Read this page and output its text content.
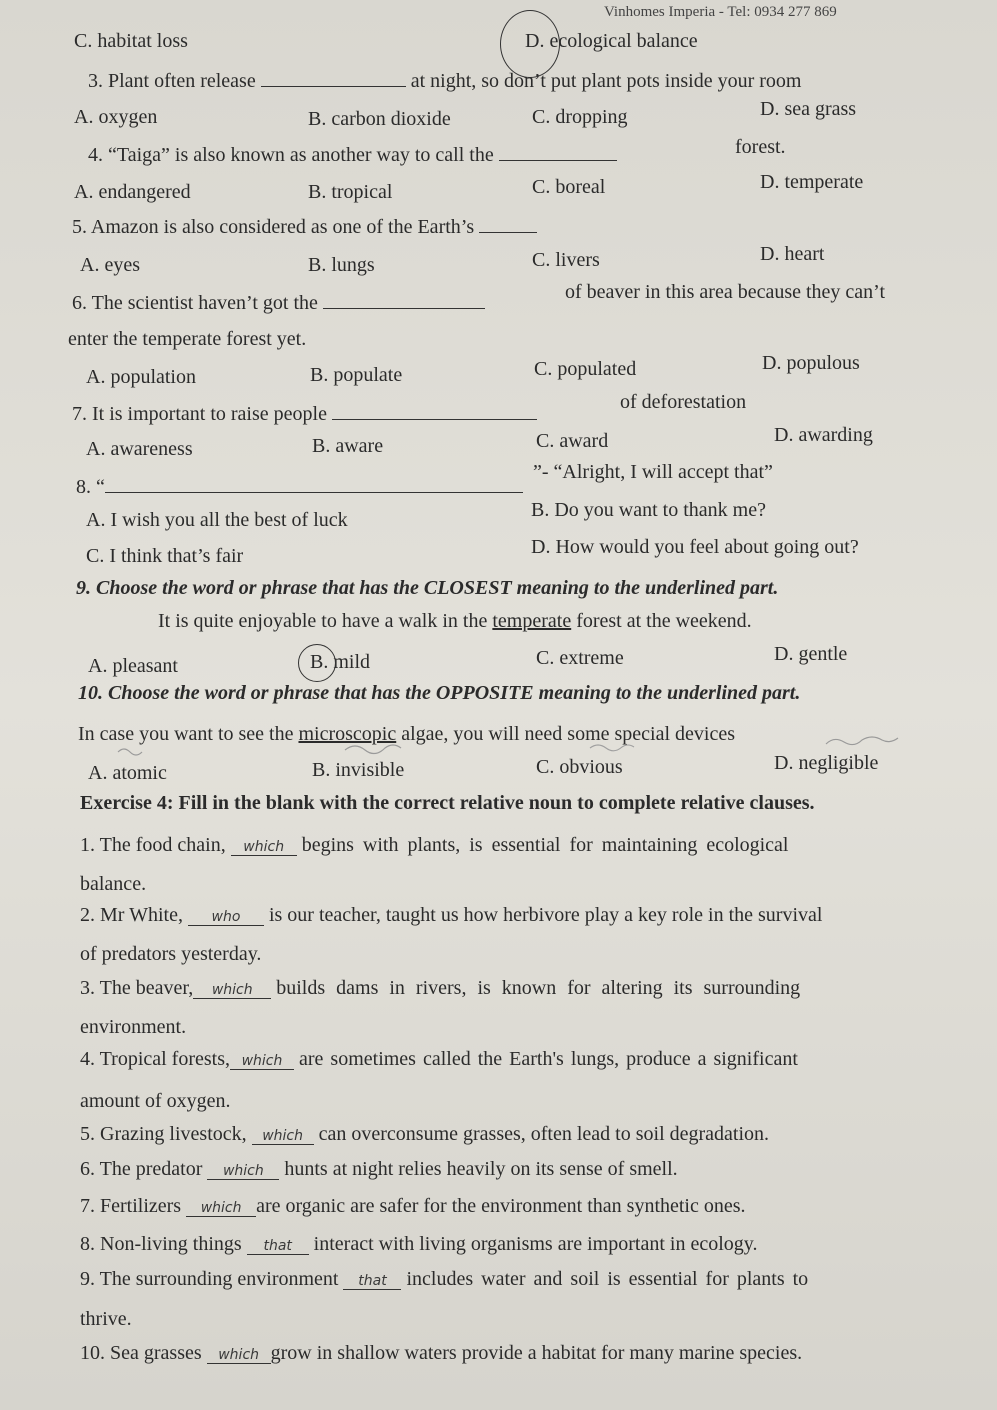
Vinhomes Imperia - Tel: 0934 277 869
C. habitat loss	D. ecological balance
3. Plant often release	at night, so don’t put plant pots inside your room
A. oxygen	B. carbon dioxide	C. dropping	D. sea grass
4. “Taiga” is also known as another way to call the	forest.
A. endangered	B. tropical	C. boreal	D. temperate
5. Amazon is also considered as one of the Earth’s
A. eyes	B. lungs	C. livers	D. heart
6. The scientist haven’t got the	of beaver in this area because they can’t
enter the temperate forest yet.
A. population	B. populate	C. populated	D. populous
7. It is important to raise people
of deforestation
A. awareness	B. aware	C. award	D. awarding
8. “
”- “Alright, I will accept that”
A. I wish you all the best of luck	B. Do you want to thank me?
C. I think that’s fair	D. How would you feel about going out?
9. Choose the word or phrase that has the CLOSEST meaning to the underlined part.
It is quite enjoyable to have a walk in the temperate forest at the weekend.
A. pleasant	B. mild	C. extreme	D. gentle
10. Choose the word or phrase that has the OPPOSITE meaning to the underlined part.
In case you want to see the microscopic algae, you will need some special devices
A. atomic	B. invisible	C. obvious	D. negligible
Exercise 4: Fill in the blank with the correct relative noun to complete relative clauses.
1. The food chain, which begins with plants, is essential for maintaining ecological
balance.
2. Mr White, who is our teacher, taught us how herbivore play a key role in the survival
of predators yesterday.
3. The beaver, which builds dams in rivers, is known for altering its surrounding
environment.
4. Tropical forests, which are sometimes called the Earth's lungs, produce a significant
amount of oxygen.
5. Grazing livestock, which can overconsume grasses, often lead to soil degradation.
6. The predator which hunts at night relies heavily on its sense of smell.
7. Fertilizers which are organic are safer for the environment than synthetic ones.
8. Non-living things that interact with living organisms are important in ecology.
9. The surrounding environment that includes water and soil is essential for plants to
thrive.
10. Sea grasses which grow in shallow waters provide a habitat for many marine species.
